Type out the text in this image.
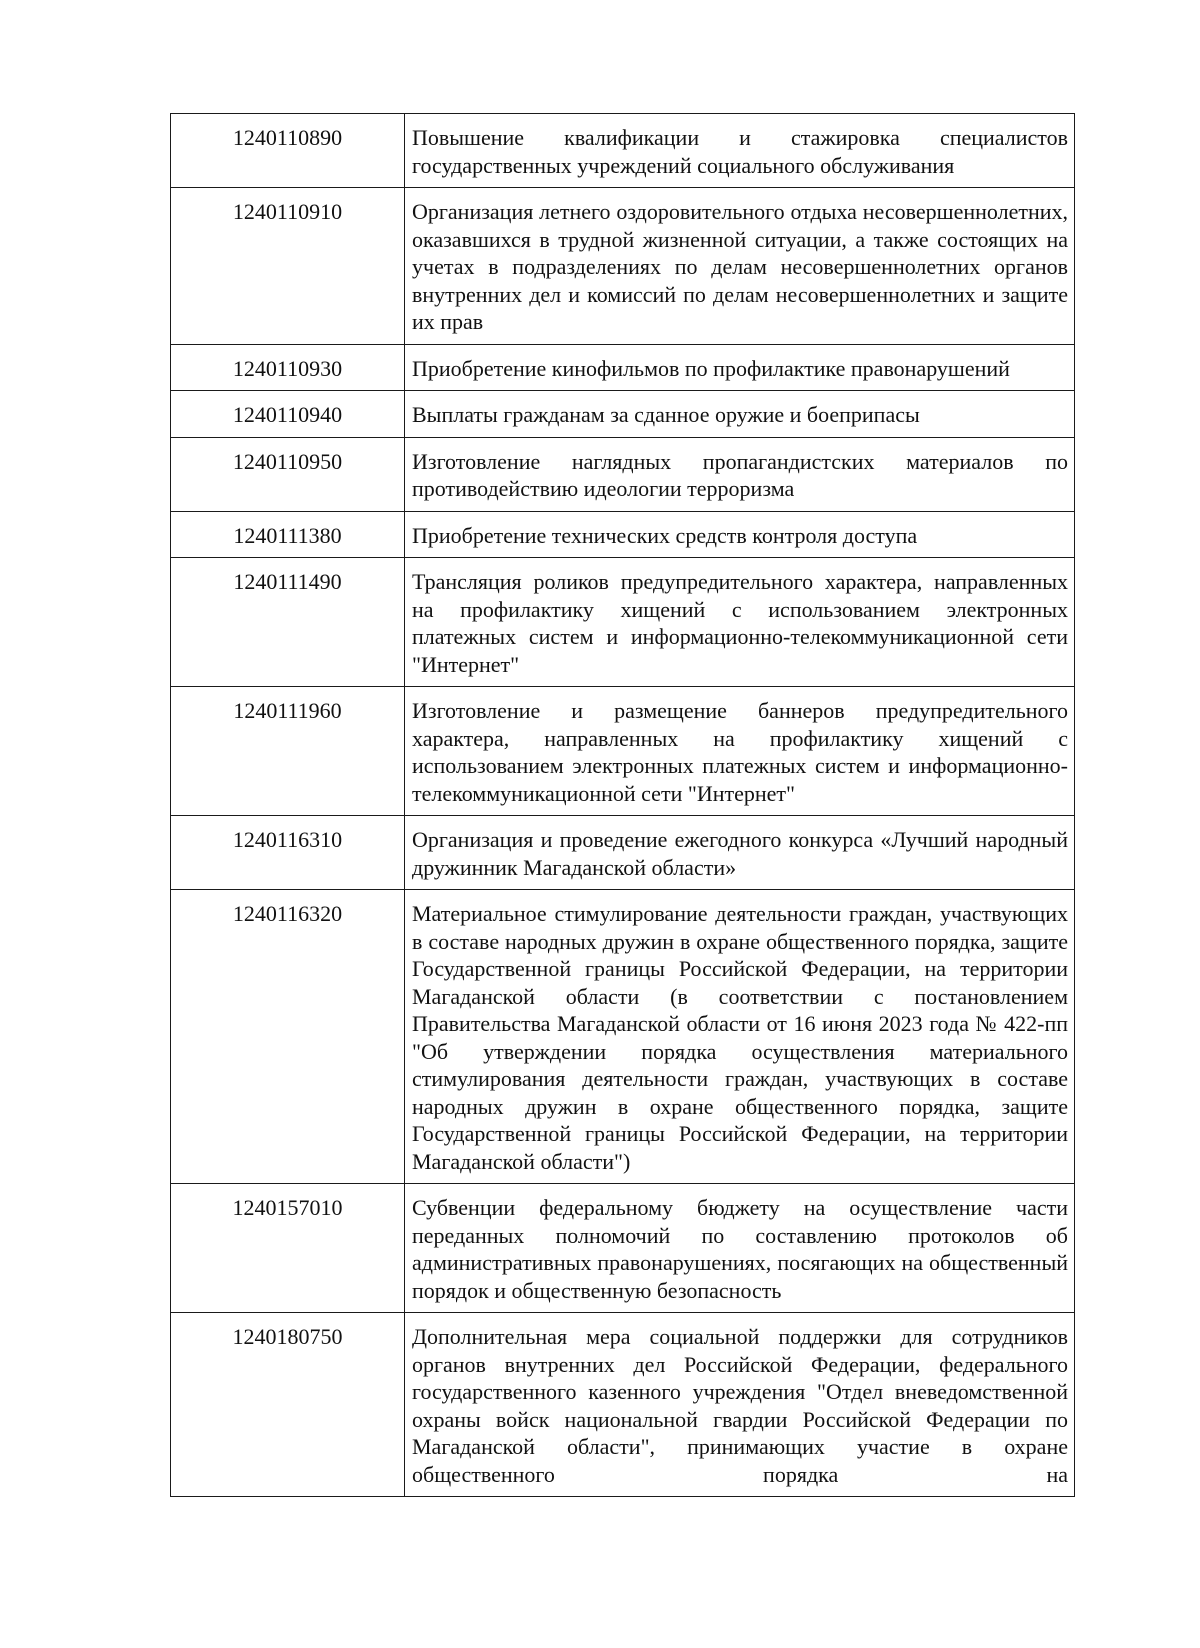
1240110890	Повышение квалификации и стажировка специалистов государственных учреждений социального обслуживания
1240110910	Организация летнего оздоровительного отдыха несовершеннолетних, оказавшихся в трудной жизненной ситуации, а также состоящих на учетах в подразделениях по делам несовершеннолетних органов внутренних дел и комиссий по делам несовершеннолетних и защите их прав
1240110930	Приобретение кинофильмов по профилактике правонарушений
1240110940	Выплаты гражданам за сданное оружие и боеприпасы
1240110950	Изготовление наглядных пропагандистских материалов по противодействию идеологии терроризма
1240111380	Приобретение технических средств контроля доступа
1240111490	Трансляция роликов предупредительного характера, направленных на профилактику хищений с использованием электронных платежных систем и информационно-телекоммуникационной сети "Интернет"
1240111960	Изготовление и размещение баннеров предупредительного характера, направленных на профилактику хищений с использованием электронных платежных систем и информационно-телекоммуникационной сети "Интернет"
1240116310	Организация и проведение ежегодного конкурса «Лучший народный дружинник Магаданской области»
1240116320	Материальное стимулирование деятельности граждан, участвующих в составе народных дружин в охране общественного порядка, защите Государственной границы Российской Федерации, на территории Магаданской области (в соответствии с постановлением Правительства Магаданской области от 16 июня 2023 года № 422-пп "Об утверждении порядка осуществления материального стимулирования деятельности граждан, участвующих в составе народных дружин в охране общественного порядка, защите Государственной границы Российской Федерации, на территории Магаданской области")
1240157010	Субвенции федеральному бюджету на осуществление части переданных полномочий по составлению протоколов об административных правонарушениях, посягающих на общественный порядок и общественную безопасность
1240180750	Дополнительная мера социальной поддержки для сотрудников органов внутренних дел Российской Федерации, федерального государственного казенного учреждения "Отдел вневедомственной охраны войск национальной гвардии Российской Федерации по Магаданской области", принимающих участие в охране общественного порядка на
